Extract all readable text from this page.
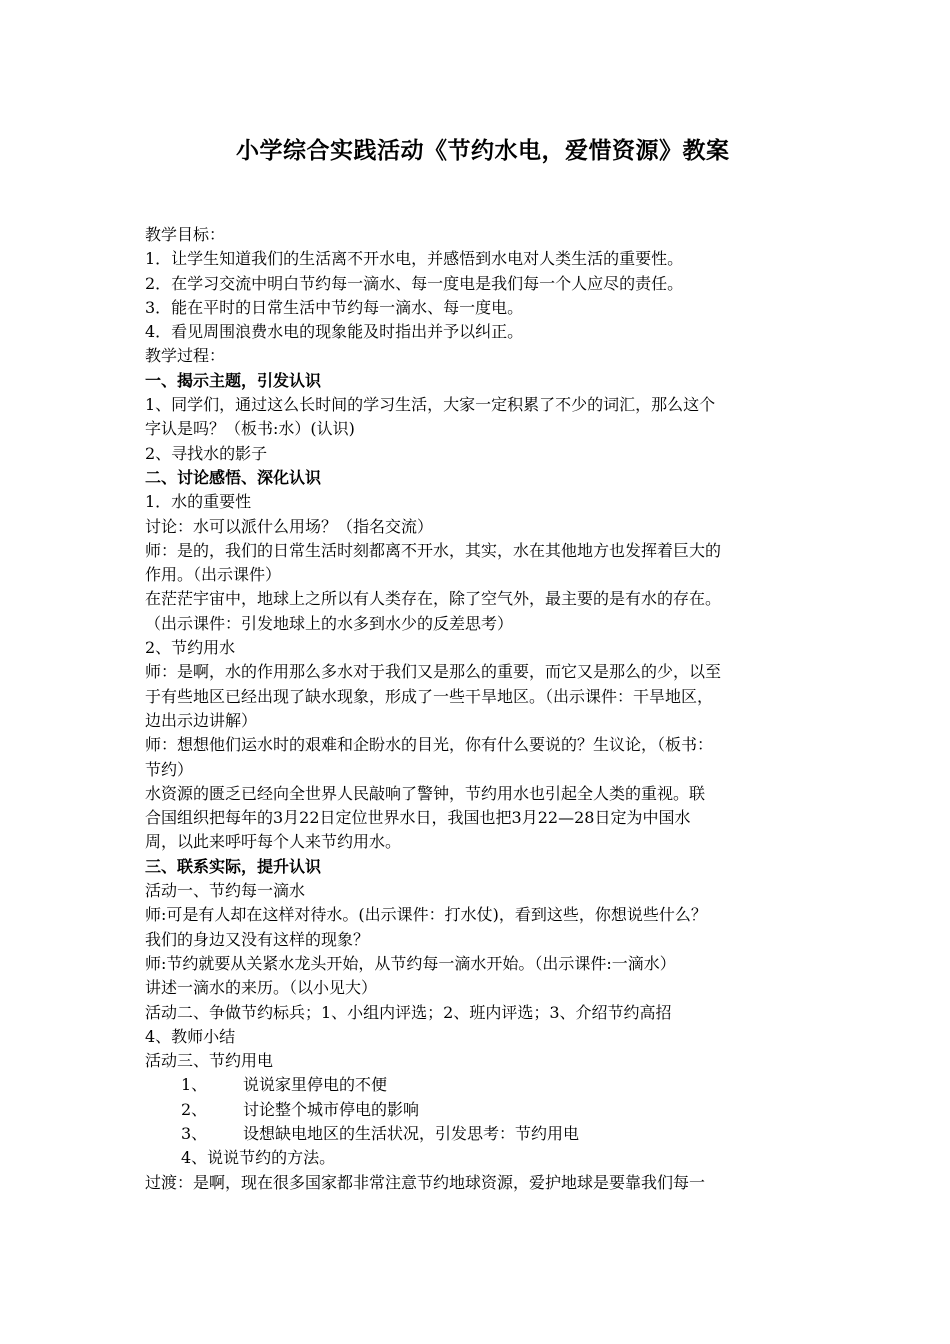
小学综合实践活动《节约水电，爱惜资源》教案
教学目标：
1．让学生知道我们的生活离不开水电，并感悟到水电对人类生活的重要性。
2．在学习交流中明白节约每一滴水、每一度电是我们每一个人应尽的责任。
3．能在平时的日常生活中节约每一滴水、每一度电。
4．看见周围浪费水电的现象能及时指出并予以纠正。
教学过程：
一、揭示主题，引发认识
1、同学们，通过这么长时间的学习生活，大家一定积累了不少的词汇，那么这个
字认是吗？（板书:水）(认识)
2、寻找水的影子
二、讨论感悟、深化认识
1．水的重要性
讨论：水可以派什么用场？（指名交流）
师：是的，我们的日常生活时刻都离不开水，其实，水在其他地方也发挥着巨大的
作用。（出示课件）
在茫茫宇宙中，地球上之所以有人类存在，除了空气外，最主要的是有水的存在。
（出示课件：引发地球上的水多到水少的反差思考）
2、节约用水
师：是啊，水的作用那么多水对于我们又是那么的重要，而它又是那么的少，以至
于有些地区已经出现了缺水现象，形成了一些干旱地区。（出示课件：干旱地区，
边出示边讲解）
师：想想他们运水时的艰难和企盼水的目光，你有什么要说的？生议论，（板书：
节约）
水资源的匮乏已经向全世界人民敲响了警钟，节约用水也引起全人类的重视。联
合国组织把每年的3月22日定位世界水日，我国也把3月22—28日定为中国水
周，以此来呼吁每个人来节约用水。
三、联系实际，提升认识
活动一、节约每一滴水
师:可是有人却在这样对待水。(出示课件：打水仗)，看到这些，你想说些什么？
我们的身边又没有这样的现象？
师:节约就要从关紧水龙头开始，从节约每一滴水开始。（出示课件:一滴水）
讲述一滴水的来历。（以小见大）
活动二、争做节约标兵；1、小组内评选；2、班内评选；3、介绍节约高招
4、教师小结
活动三、节约用电
1、 说说家里停电的不便
2、 讨论整个城市停电的影响
3、 设想缺电地区的生活状况，引发思考：节约用电
4、说说节约的方法。
过渡：是啊，现在很多国家都非常注意节约地球资源，爱护地球是要靠我们每一
